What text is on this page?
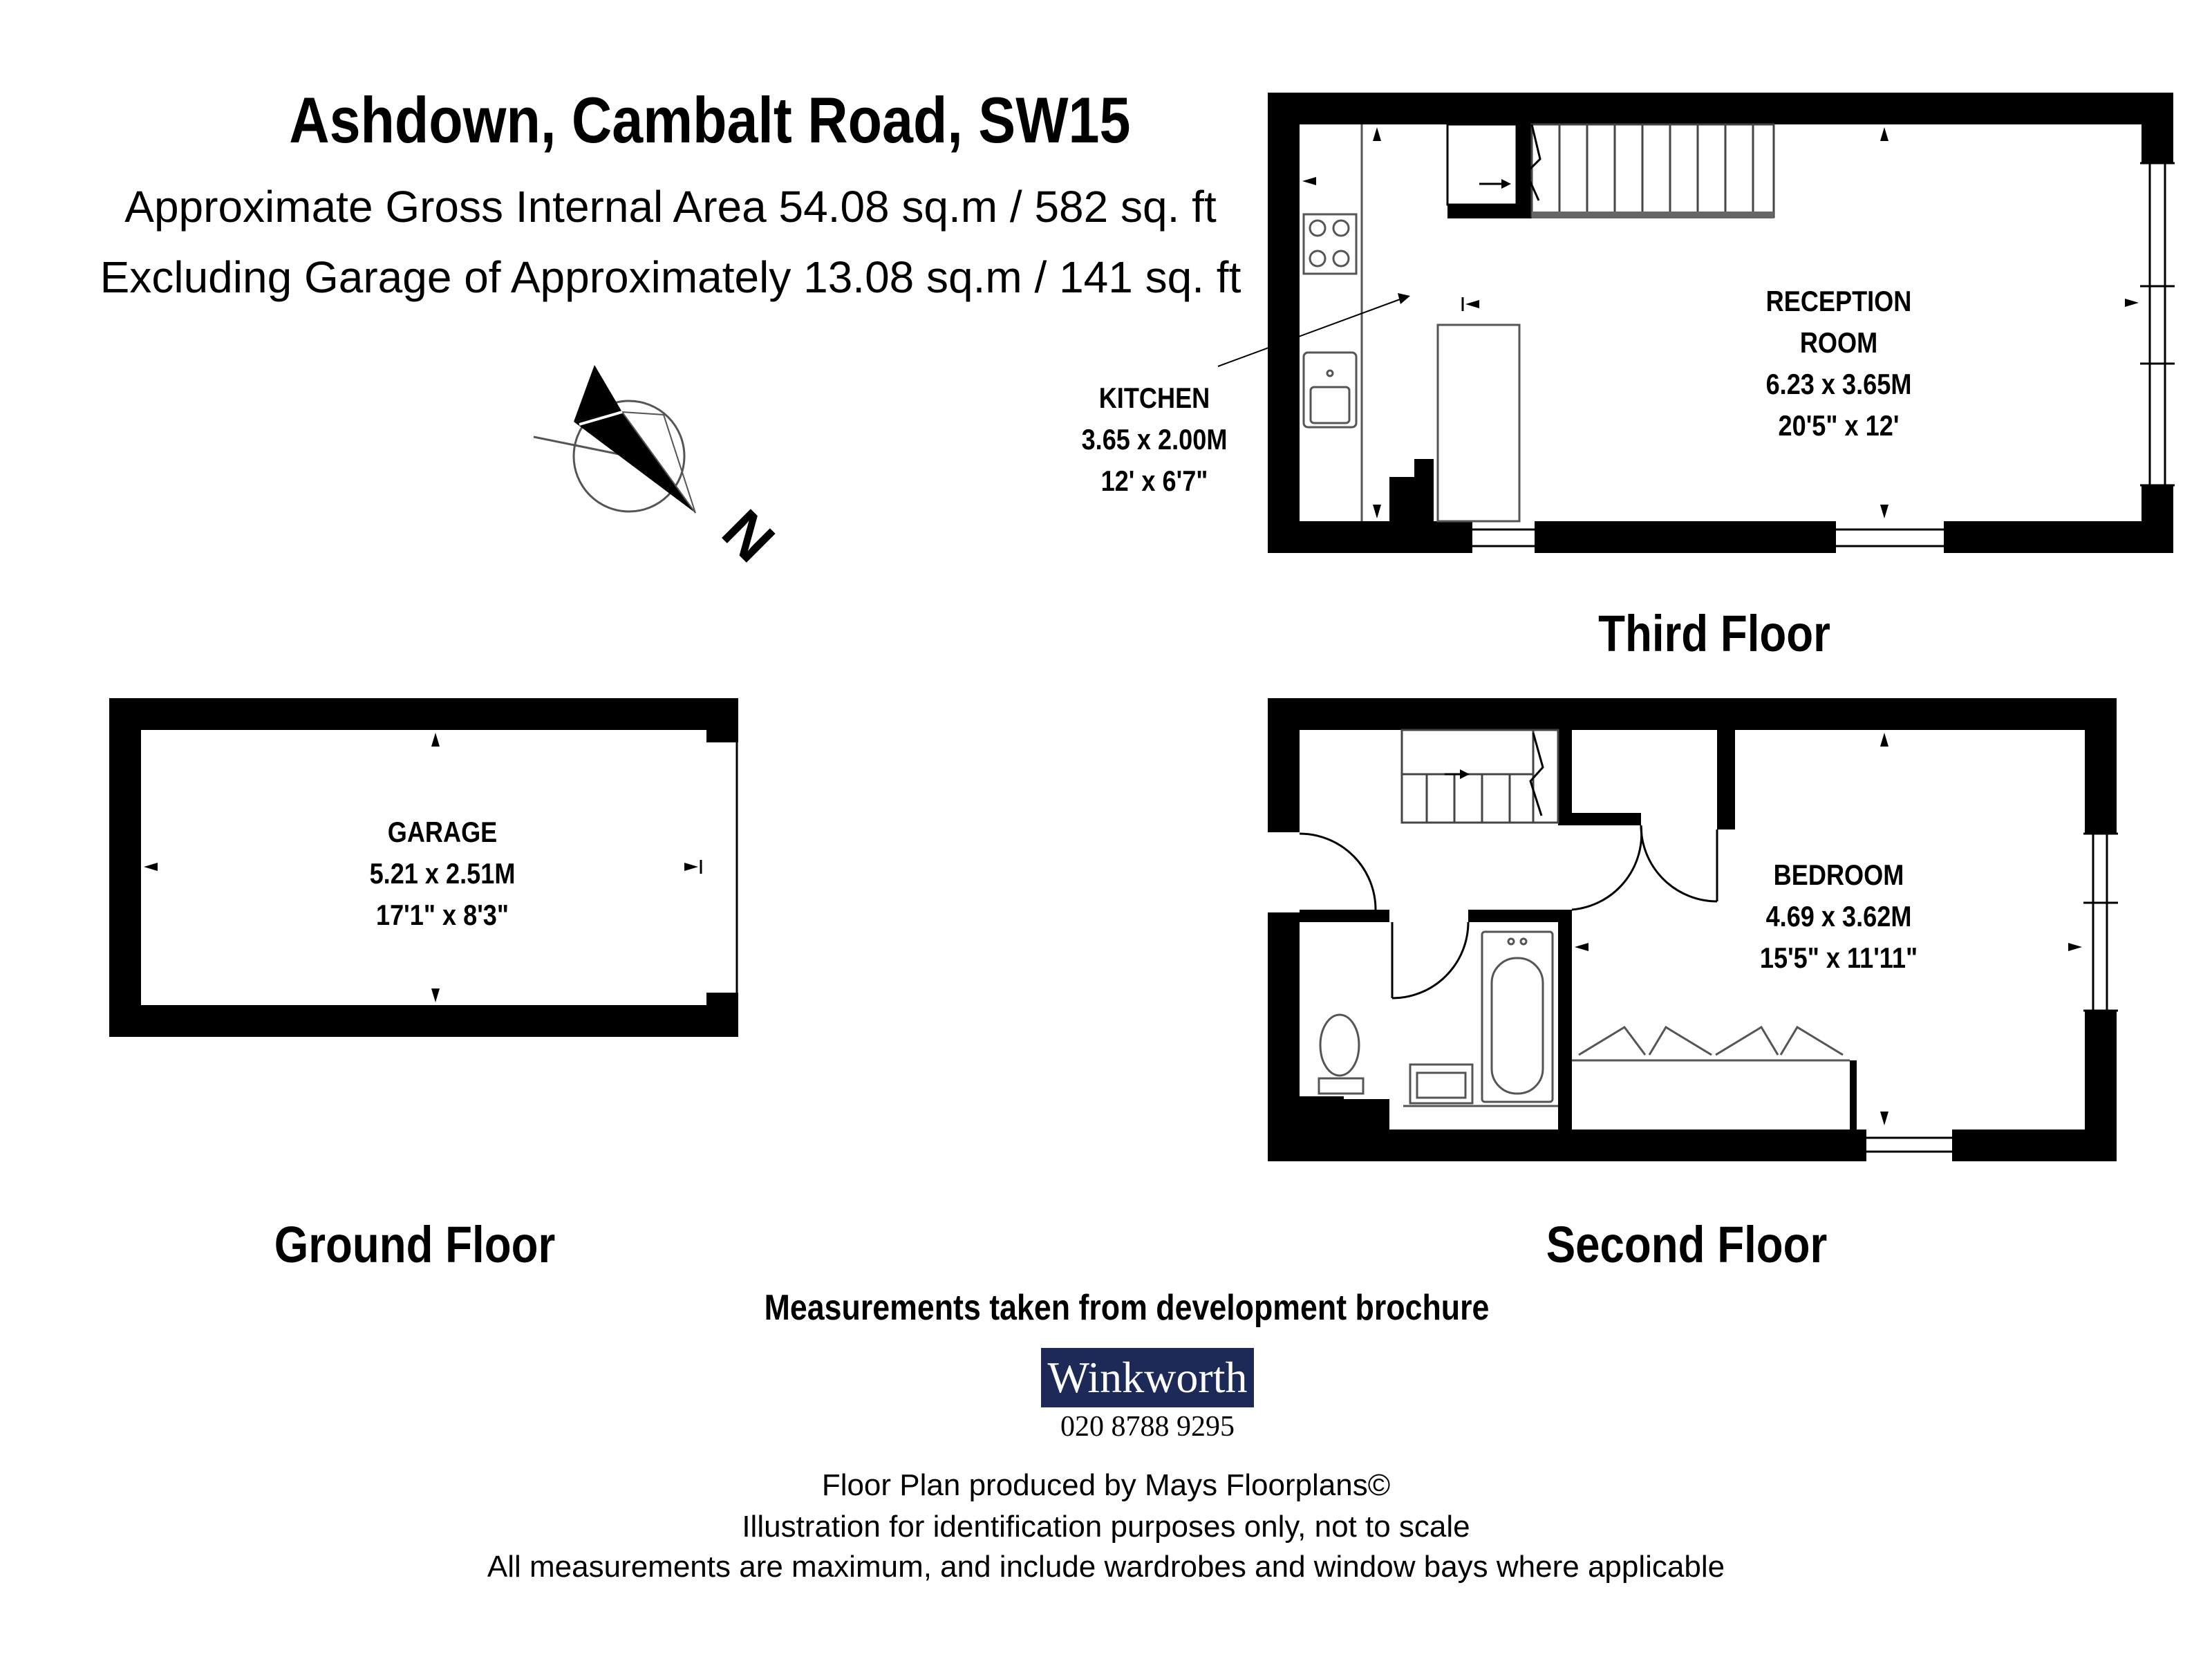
N
Ashdown, Cambalt Road, SW15
Approximate Gross Internal Area 54.08 sq.m / 582 sq. ft
Excluding Garage of Approximately 13.08 sq.m / 141 sq. ft
KITCHEN
3.65 x 2.00M
12' x 6'7"
RECEPTION
ROOM
6.23 x 3.65M
20'5" x 12'
GARAGE
5.21 x 2.51M
17'1" x 8'3"
BEDROOM
4.69 x 3.62M
15'5" x 11'11"
Third Floor
Ground Floor	Second Floor
Measurements taken from development brochure
Winkworth
020 8788 9295
Floor Plan produced by Mays Floorplans©
Illustration for identification purposes only, not to scale
All measurements are maximum, and include wardrobes and window bays where applicable
